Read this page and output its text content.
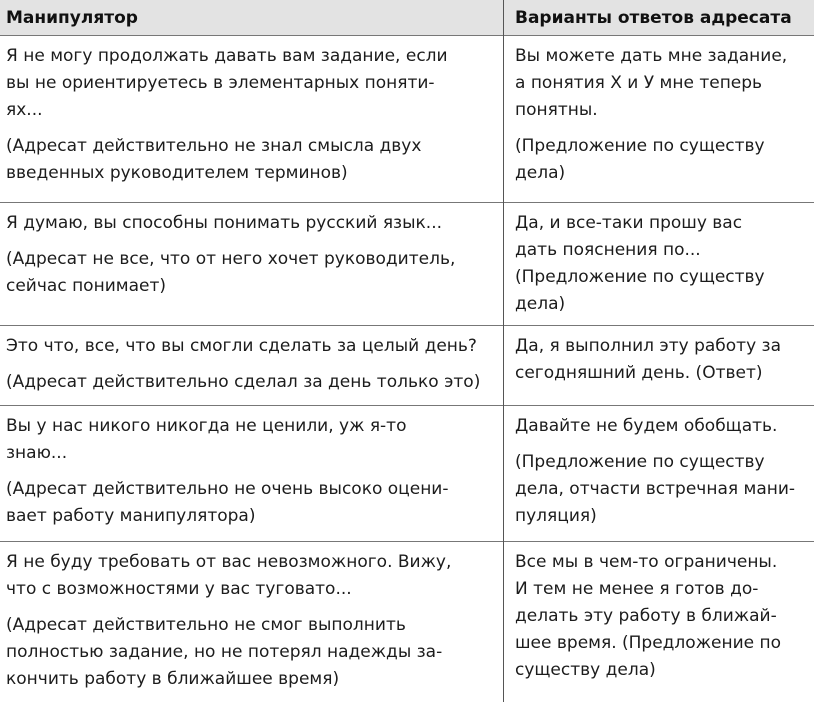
Манипулятор	Варианты ответов адресата

Я не могу продолжать давать вам задание, если
вы не ориентируетесь в элементарных поняти-
ях...

(Адресат действительно не знал смысла двух
введенных руководителем терминов)

Вы можете дать мне задание,
а понятия Х и У мне теперь
понятны.

(Предложение по существу
дела)

Я думаю, вы способны понимать русский язык...

(Адресат не все, что от него хочет руководитель,
сейчас понимает)

Да, и все-таки прошу вас
дать пояснения по...
(Предложение по существу
дела)

Это что, все, что вы смогли сделать за целый день?

(Адресат действительно сделал за день только это)

Да, я выполнил эту работу за
сегодняшний день. (Ответ)

Вы у нас никого никогда не ценили, уж я-то
знаю...

(Адресат действительно не очень высоко оцени-
вает работу манипулятора)

Давайте не будем обобщать.

(Предложение по существу
дела, отчасти встречная мани-
пуляция)

Я не буду требовать от вас невозможного. Вижу,
что с возможностями у вас туговато...

(Адресат действительно не смог выполнить
полностью задание, но не потерял надежды за-
кончить работу в ближайшее время)

Все мы в чем-то ограничены.
И тем не менее я готов до-
делать эту работу в ближай-
шее время. (Предложение по
существу дела)
